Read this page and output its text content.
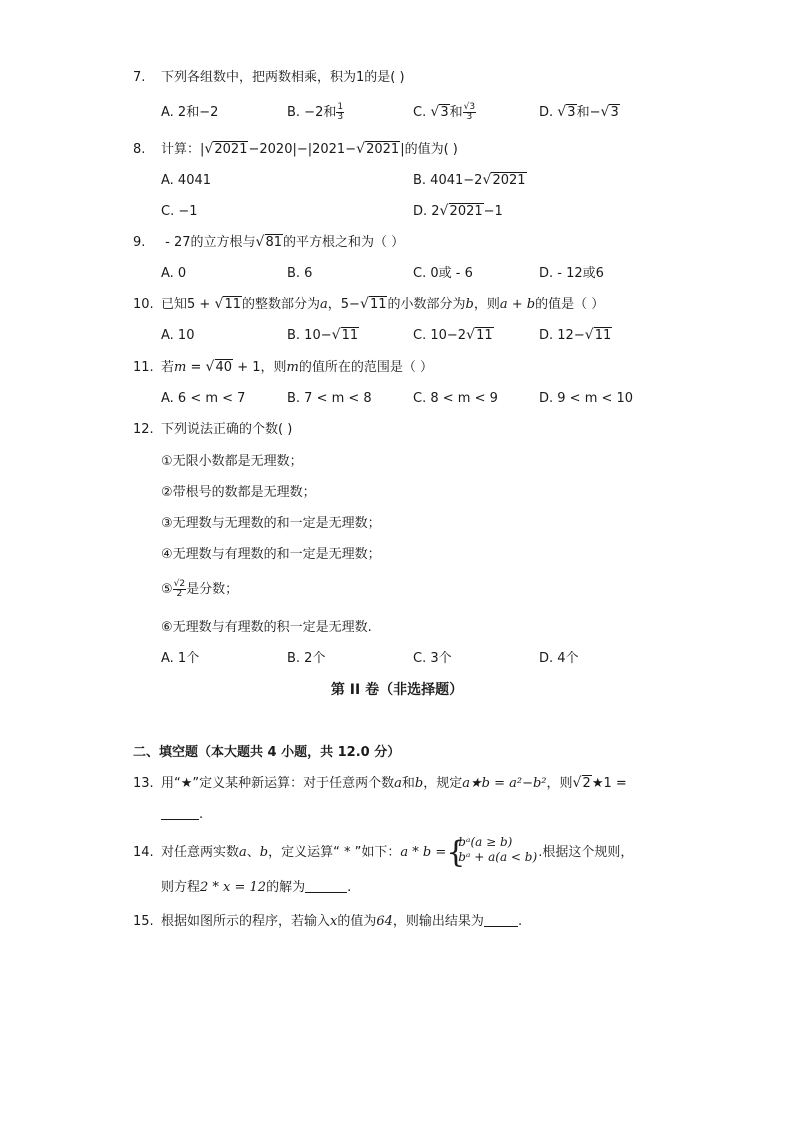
7. 下列各组数中，把两数相乘，积为1的是( )
A. 2和−2	B. −2和 $\frac{1}{3}$	C. √ 3和 $\frac{√3}{3}$	D. √ 3和− √ 3
8. 计算：| √ 2021−2020|−|2021− √ 2021|的值为( )
A. 4041	B. 4041−2 √ 2021
C. −1	D. 2 √ 2021−1
9. - 27的立方根与 √ 81的平方根之和为（ ）
A. 0	B. 6	C. 0或 - 6	D. - 12或6
10. 已知5 + √ 11的整数部分为a，5− √ 11的小数部分为b，则a + b的值是（ ）
A. 10	B. 10− √ 11	C. 10−2 √ 11	D. 12− √ 11
11. 若m = √ 40 + 1，则m的值所在的范围是（ ）
A. 6 < m < 7	B. 7 < m < 8	C. 8 < m < 9	D. 9 < m < 10
12. 下列说法正确的个数( )
①无限小数都是无理数；
②带根号的数都是无理数；
③无理数与无理数的和一定是无理数；
④无理数与有理数的和一定是无理数；
⑤ $\frac{√2}{2}$ 是分数；
⑥无理数与有理数的积一定是无理数.
A. 1个	B. 2个	C. 3个	D. 4个
第 II 卷（非选择题）
二、填空题（本大题共 4 小题，共 12.0 分）
13. 用“★”定义某种新运算：对于任意两个数a和b，规定a★b = a²−b²，则 √ 2★1 =
.
14. 对任意两实数a、b，定义运算“ * ”如下：a * b = {
bᵃ(a ≥ b)
bᵃ + a(a < b) .根据这个规则，
则方程2 * x = 12的解为	.
15. 根据如图所示的程序，若输入x的值为64，则输出结果为	.
